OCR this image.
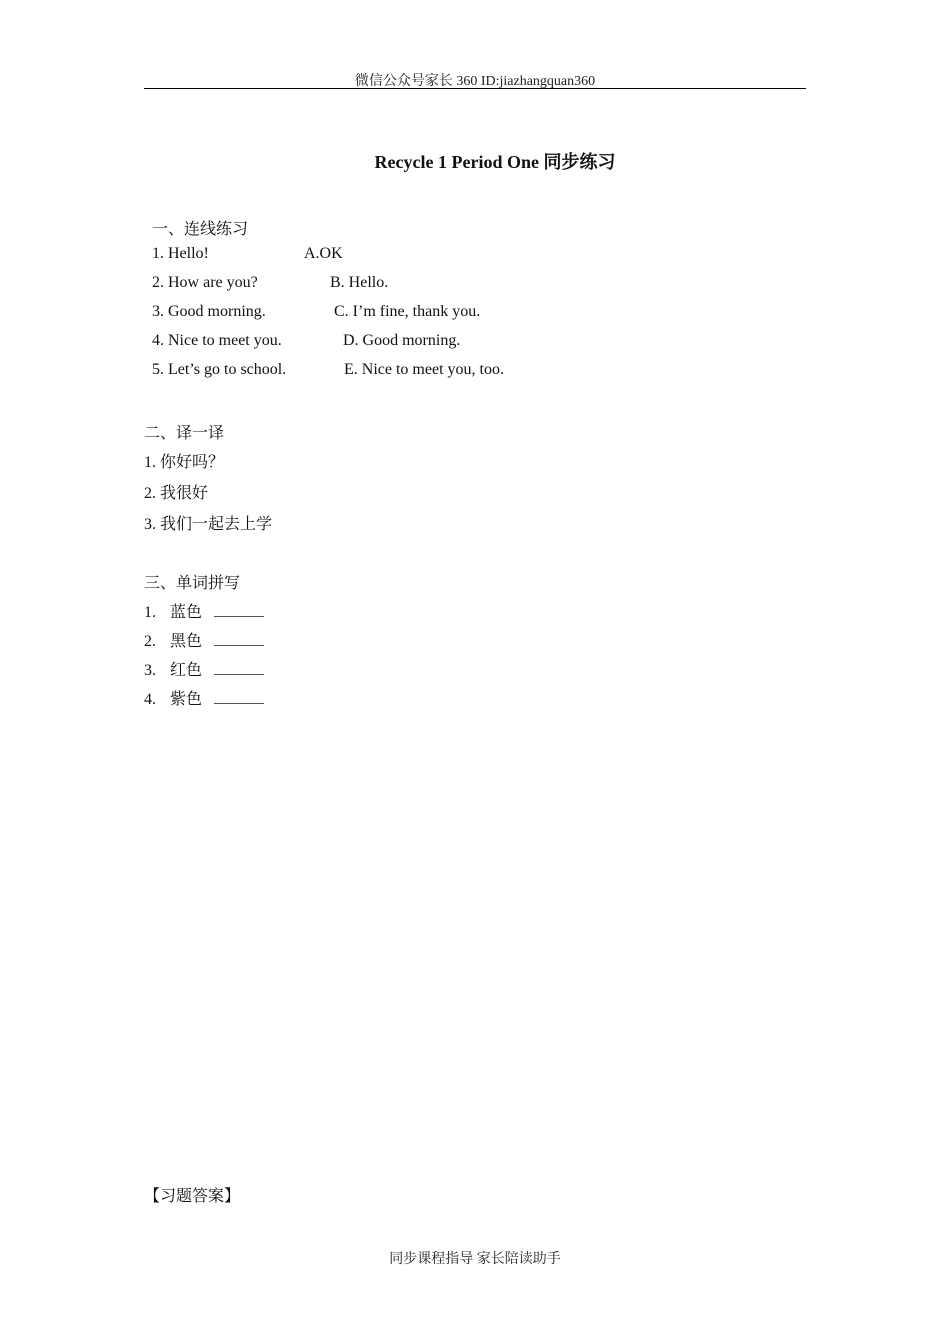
微信公众号家长 360 ID:jiazhangquan360
Recycle 1 Period One 同步练习
一、连线练习
1. Hello!	A.OK
2. How are you?	B. Hello.
3. Good morning.	C. I’m fine, thank you.
4. Nice to meet you.	D. Good morning.
5. Let’s go to school.	E. Nice to meet you, too.
二、译一译
1. 你好吗？
2. 我很好
3. 我们一起去上学
三、单词拼写
1. 蓝色
2. 黑色
3. 红色
4. 紫色
【习题答案】
同步课程指导 家长陪读助手
